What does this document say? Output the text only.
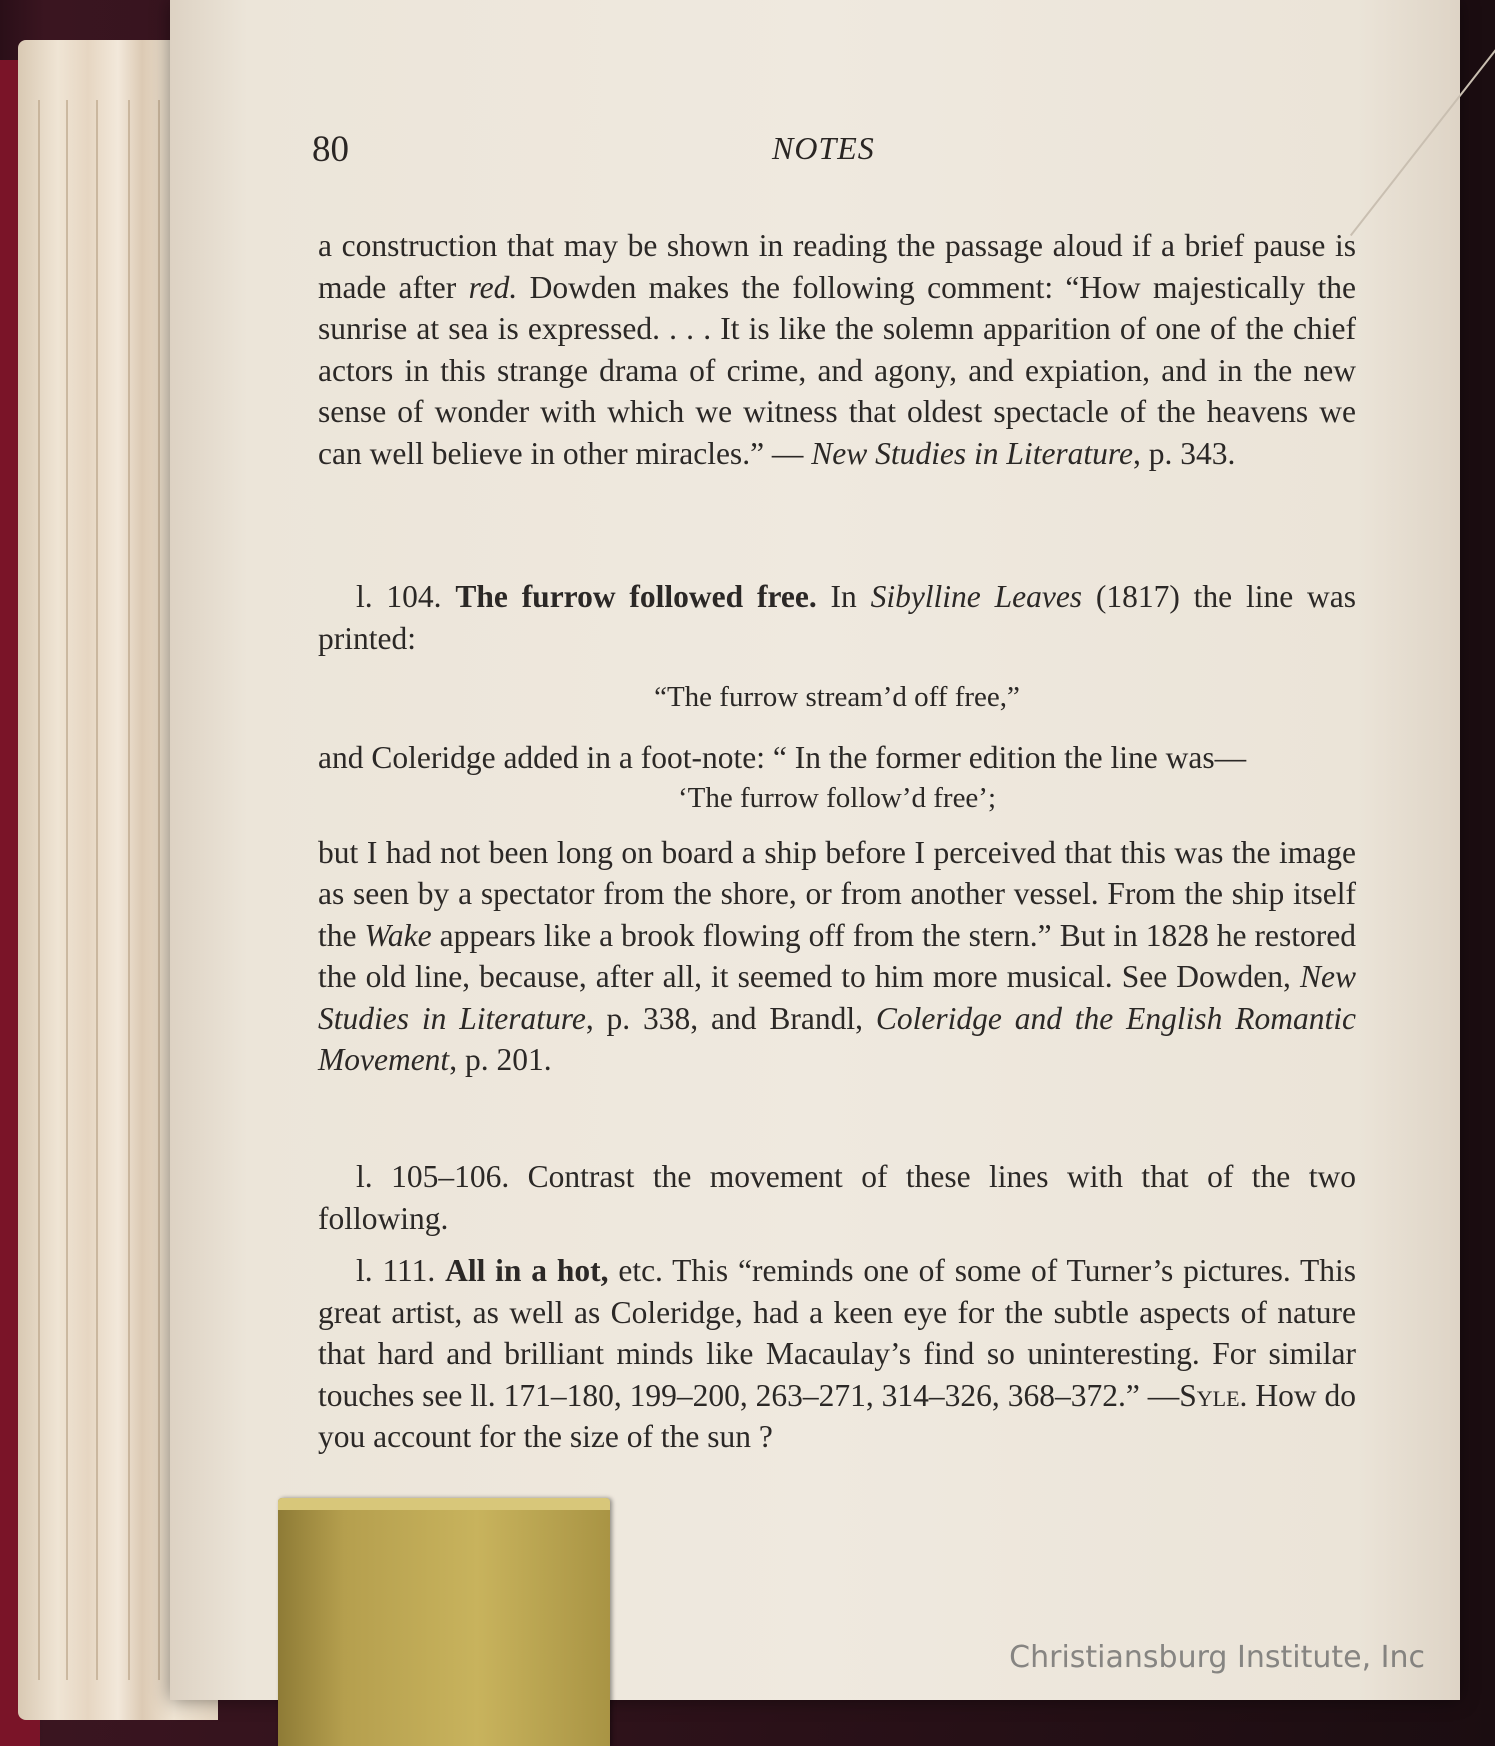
80	NOTES

a construction that may be shown in reading the passage aloud if a brief pause is made after red. Dowden makes the following comment: “How majestically the sunrise at sea is expressed. . . . It is like the solemn apparition of one of the chief actors in this strange drama of crime, and agony, and expiation, and in the new sense of wonder with which we witness that oldest spectacle of the heavens we can well believe in other miracles.” — New Studies in Literature, p. 343.

l. 104. The furrow followed free. In Sibylline Leaves (1817) the line was printed:

“The furrow stream’d off free,”

and Coleridge added in a foot-note: “ In the former edition the line was—

‘The furrow follow’d free’;

but I had not been long on board a ship before I perceived that this was the image as seen by a spectator from the shore, or from another vessel. From the ship itself the Wake appears like a brook flowing off from the stern.” But in 1828 he restored the old line, because, after all, it seemed to him more musical. See Dowden, New Studies in Literature, p. 338, and Brandl, Coleridge and the English Romantic Movement, p. 201.

l. 105–106. Contrast the movement of these lines with that of the two following.

l. 111. All in a hot, etc. This “reminds one of some of Turner’s pictures. This great artist, as well as Coleridge, had a keen eye for the subtle aspects of nature that hard and brilliant minds like Macaulay’s find so uninteresting. For similar touches see ll. 171–180, 199–200, 263–271, 314–326, 368–372.” —Syle. How do you account for the size of the sun ?

Christiansburg Institute, Inc
